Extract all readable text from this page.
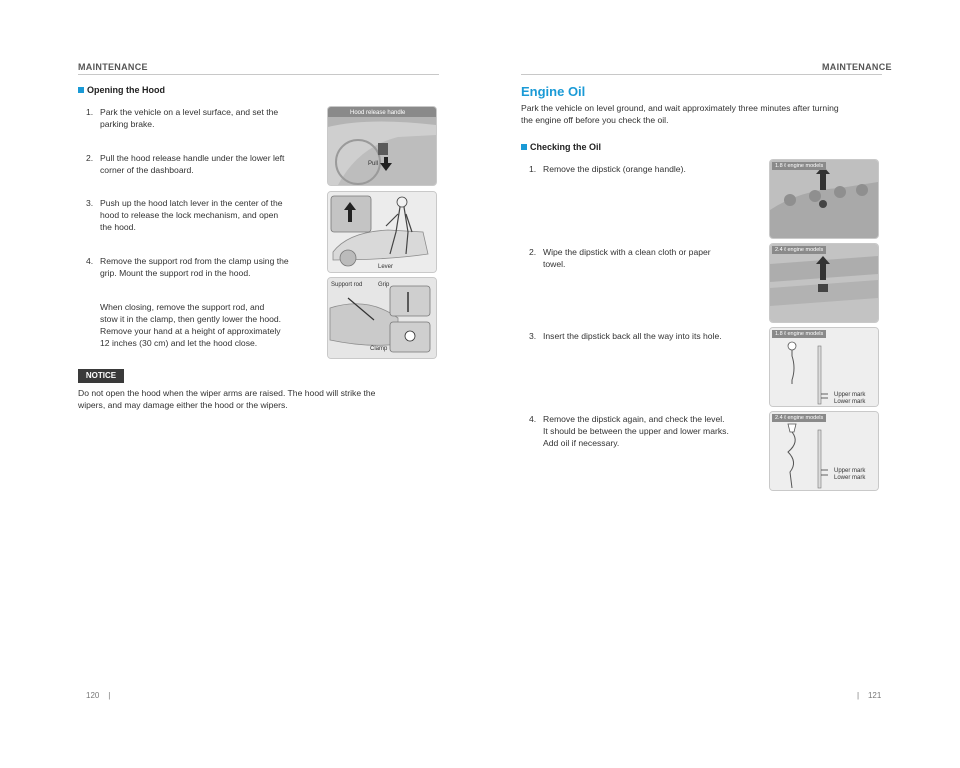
MAINTENANCE
Opening the Hood
1. Park the vehicle on a level surface, and set the
parking brake.
2. Pull the hood release handle under the lower left
corner of the dashboard.
3. Push up the hood latch lever in the center of the
hood to release the lock mechanism, and open
the hood.
4. Remove the support rod from the clamp using the
grip. Mount the support rod in the hood.
When closing, remove the support rod, and
stow it in the clamp, then gently lower the hood.
Remove your hand at a height of approximately
12 inches (30 cm) and let the hood close.
Hood release handle
Pull
Lever
Support rod	Grip
Clamp
NOTICE
Do not open the hood when the wiper arms are raised. The hood will strike the
wipers, and may damage either the hood or the wipers.
120    |
MAINTENANCE
Engine Oil
Park the vehicle on level ground, and wait approximately three minutes after turning
the engine off before you check the oil.
Checking the Oil
1. Remove the dipstick (orange handle).
2. Wipe the dipstick with a clean cloth or paper
towel.
3. Insert the dipstick back all the way into its hole.
4. Remove the dipstick again, and check the level.
It should be between the upper and lower marks.
Add oil if necessary.
1.8 ℓ engine models
2.4 ℓ engine models
Upper mark
Lower mark
1.8 ℓ engine models
Upper mark
Lower mark
2.4 ℓ engine models
|    121
